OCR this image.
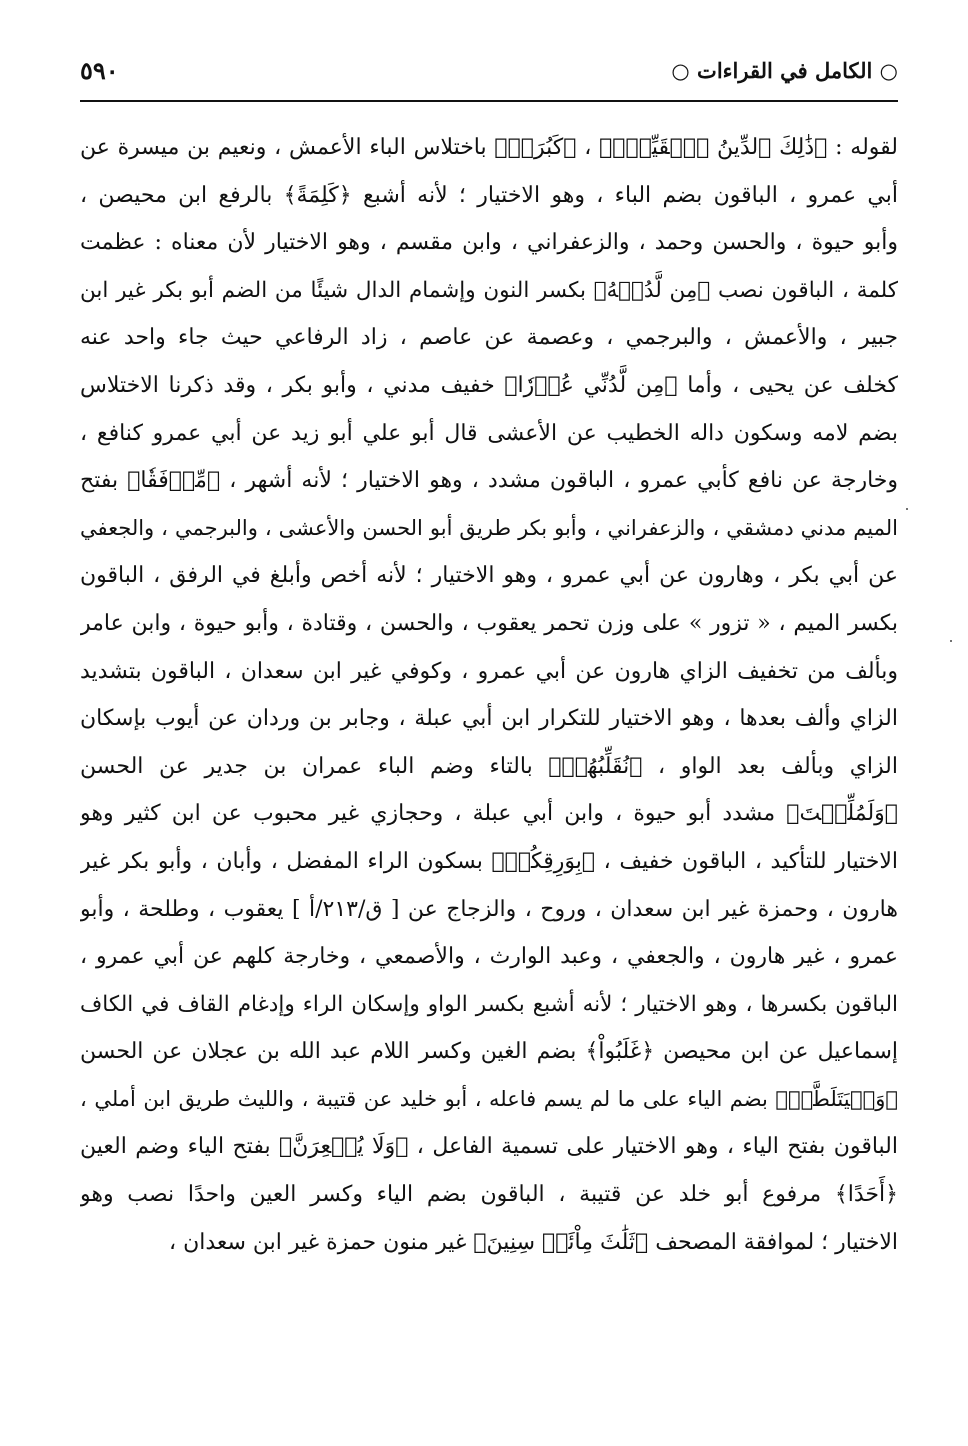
○ الكامل في القراءات ○
٥٩٠
لقوله : ﴿ذَٰلِكَ ٱلدِّينُ ٱلۡقَيِّمُۚ﴾ ، ﴿كَبُرَتۡ﴾ باختلاس الباء الأعمش ، ونعيم بن ميسرة عن
أبي عمرو ، الباقون بضم الباء ، وهو الاختيار ؛ لأنه أشبع ﴿كَلِمَةً﴾ بالرفع ابن محيصن ،
وأبو حيوة ، والحسن وحمد ، والزعفراني ، وابن مقسم ، وهو الاختيار لأن معناه : عظمت
كلمة ، الباقون نصب ﴿مِن لَّدُنۡهُ﴾ بكسر النون وإشمام الدال شيئًا من الضم أبو بكر غير ابن
جبير ، والأعمش ، والبرجمي ، وعصمة عن عاصم ، زاد الرفاعي حيث جاء واحد عنه
كخلف عن يحيى ، وأما ﴿مِن لَّدُنِّي عُذۡرٗا﴾ خفيف مدني ، وأبو بكر ، وقد ذكرنا الاختلاس
بضم لامه وسكون داله الخطيب عن الأعشى قال أبو علي أبو زيد عن أبي عمرو كنافع ،
وخارجة عن نافع كأبي عمرو ، الباقون مشدد ، وهو الاختيار ؛ لأنه أشهر ، ﴿مِّرۡفَقٗا﴾ بفتح
الميم مدني دمشقي ، والزعفراني ، وأبو بكر طريق أبو الحسن والأعشى ، والبرجمي ، والجعفي
عن أبي بكر ، وهارون عن أبي عمرو ، وهو الاختيار ؛ لأنه أخص وأبلغ في الرفق ، الباقون
بكسر الميم ، « تزور » على وزن تحمر يعقوب ، والحسن ، وقتادة ، وأبو حيوة ، وابن عامر
وبألف من تخفيف الزاي هارون عن أبي عمرو ، وكوفي غير ابن سعدان ، الباقون بتشديد
الزاي وألف بعدها ، وهو الاختيار للتكرار ابن أبي عبلة ، وجابر بن وردان عن أيوب بإسكان
الزاي وبألف بعد الواو ، ﴿نُقَلِّبُهُمۡ﴾ بالتاء وضم الباء عمران بن جدير عن الحسن
﴿وَلَمُلِّئۡتَ﴾ مشدد أبو حيوة ، وابن أبي عبلة ، وحجازي غير محبوب عن ابن كثير وهو
الاختيار للتأكيد ، الباقون خفيف ، ﴿بِوَرِقِكُمۡ﴾ بسكون الراء المفضل ، وأبان ، وأبو بكر غير
هارون ، وحمزة غير ابن سعدان ، وروح ، والزجاج عن [ ق/٢١٣/أ ] يعقوب ، وطلحة ، وأبو
عمرو ، غير هارون ، والجعفي ، وعبد الوارث ، والأصمعي ، وخارجة كلهم عن أبي عمرو ،
الباقون بكسرها ، وهو الاختيار ؛ لأنه أشبع بكسر الواو وإسكان الراء وإدغام القاف في الكاف
إسماعيل عن ابن محيصن ﴿غَلَبُواْ﴾ بضم الغين وكسر اللام عبد الله بن عجلان عن الحسن
﴿وَلۡيَتَلَطَّفۡ﴾ بضم الياء على ما لم يسم فاعله ، أبو خليد عن قتيبة ، والليث طريق ابن أملي ،
الباقون بفتح الياء ، وهو الاختيار على تسمية الفاعل ، ﴿وَلَا يُشۡعِرَنَّ﴾ بفتح الياء وضم العين
﴿أَحَدًا﴾ مرفوع أبو خلد عن قتيبة ، الباقون بضم الياء وكسر العين واحدًا نصب وهو
الاختيار ؛ لموافقة المصحف ﴿ثَلَٰثَ مِاْئَةٖ سِنِينَ﴾ غير منون حمزة غير ابن سعدان ،
